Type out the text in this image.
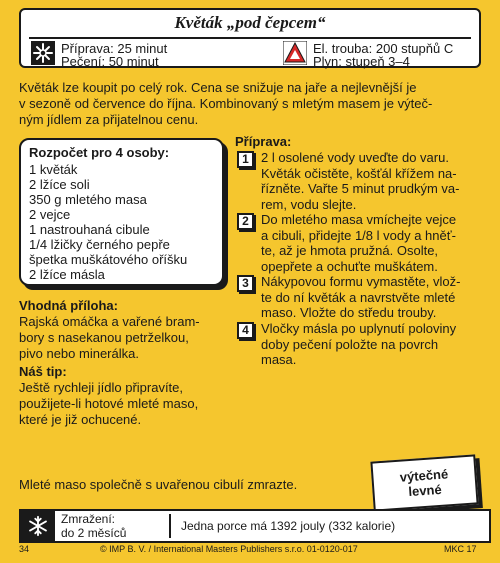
Květák „pod čepcem“
Příprava: 25 minut
Pečení: 50 minut
El. trouba: 200 stupňů C
Plyn: stupeň 3–4
Květák lze koupit po celý rok. Cena se snižuje na jaře a nejlevnější je
v sezoně od července do října. Kombinovaný s mletým masem je výteč-
ným jídlem za přijatelnou cenu.
Rozpočet pro 4 osoby:
1 květák
2 lžíce soli
350 g mletého masa
2 vejce
1 nastrouhaná cibule
1/4 lžičky černého pepře
špetka muškátového oříšku
2 lžíce másla
Vhodná příloha:
Rajská omáčka a vařené bram-
bory s nasekanou petrželkou,
pivo nebo minerálka.
Náš tip:
Ještě rychleji jídlo připravíte,
použijete-li hotové mleté maso,
které je již ochucené.
Příprava:
1 2 l osolené vody uveďte do varu.
Květák očistěte, košťál křížem na-
řízněte. Vařte 5 minut prudkým va-
rem, vodu slejte.
2 Do mletého masa vmíchejte vejce
a cibuli, přidejte 1/8 l vody a hněť-
te, až je hmota pružná. Osolte,
opepřete a ochuťte muškátem.
3 Nákypovou formu vymastěte, vlož-
te do ní květák a navrstvěte mleté
maso. Vložte do středu trouby.
4 Vločky másla po uplynutí poloviny
doby pečení položte na povrch
masa.
výtečné
levné
Mleté maso společně s uvařenou cibulí zmrazte.
Zmražení:
do 2 měsíců	Jedna porce má 1392 jouly (332 kalorie)
34	© IMP B. V. / International Masters Publishers s.r.o. 01-0120-017	MKC 17
